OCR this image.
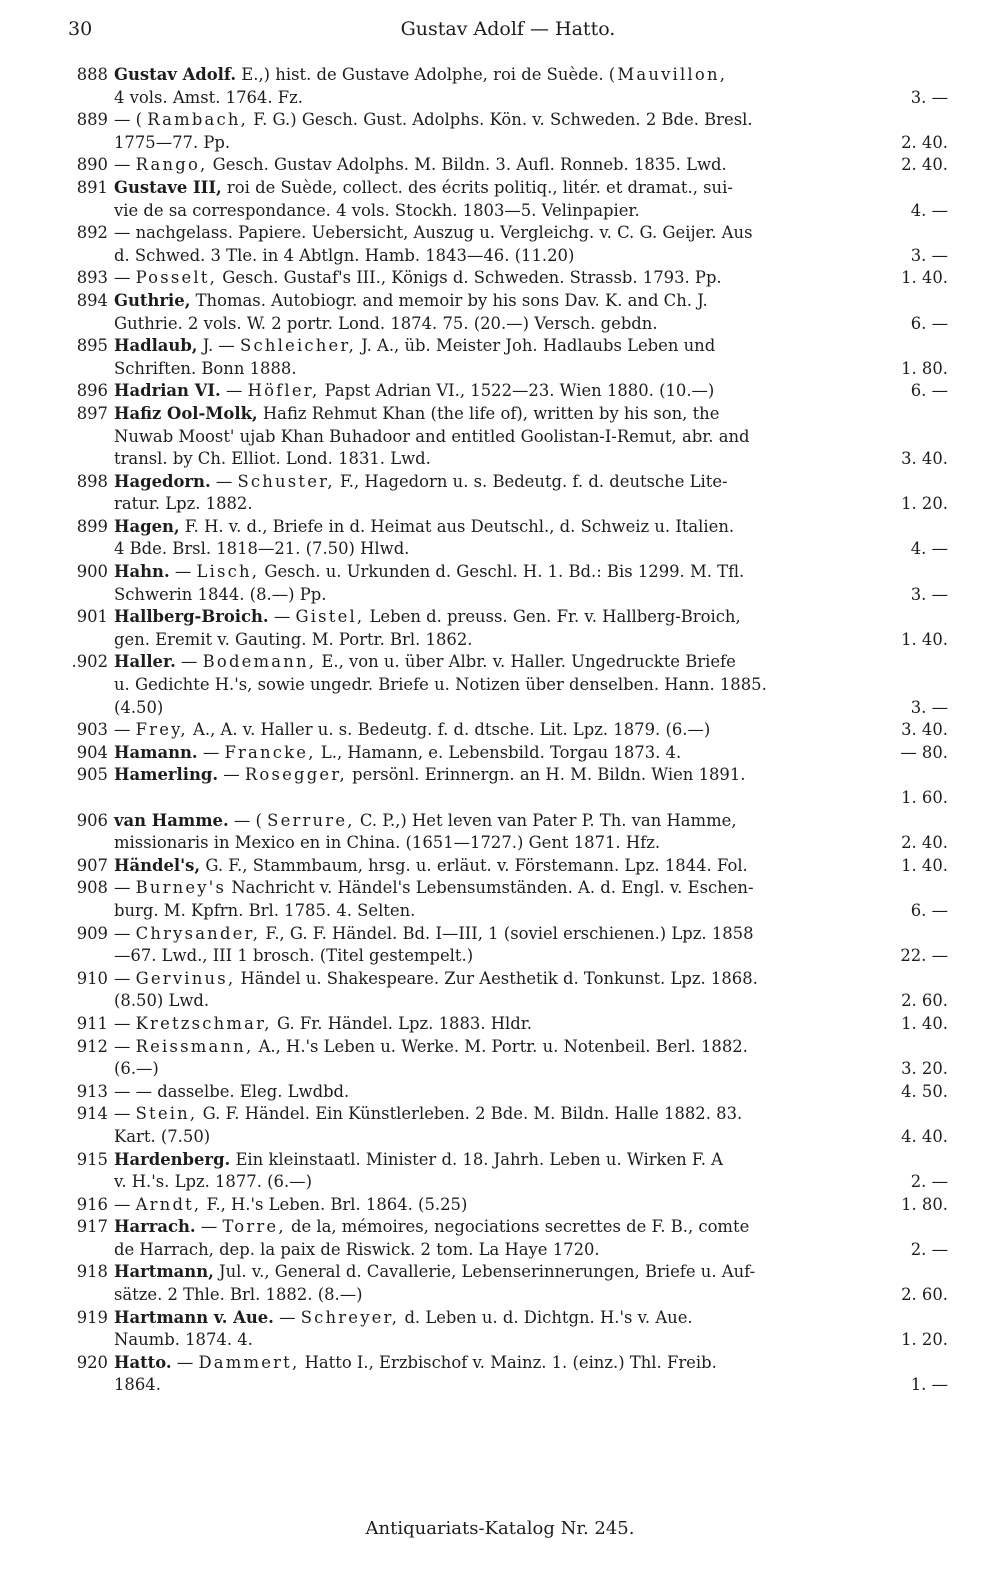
30	Gustav Adolf — Hatto.
888 Gustav Adolf. E.,) hist. de Gustave Adolphe, roi de Suède. (Mauvillon,
4 vols. Amst. 1764. Fz.	3. —
889 — ( Rambach, F. G.) Gesch. Gust. Adolphs. Kön. v. Schweden. 2 Bde. Bresl.
1775—77. Pp.	2. 40.
890 — Rango, Gesch. Gustav Adolphs. M. Bildn. 3. Aufl. Ronneb. 1835. Lwd.	2. 40.
891 Gustave III, roi de Suède, collect. des écrits politiq., litér. et dramat., sui-
vie de sa correspondance. 4 vols. Stockh. 1803—5. Velinpapier.	4. —
892 — nachgelass. Papiere. Uebersicht, Auszug u. Vergleichg. v. C. G. Geijer. Aus
d. Schwed. 3 Tle. in 4 Abtlgn. Hamb. 1843—46. (11.20)	3. —
893 — Posselt, Gesch. Gustaf's III., Königs d. Schweden. Strassb. 1793. Pp.	1. 40.
894 Guthrie, Thomas. Autobiogr. and memoir by his sons Dav. K. and Ch. J.
Guthrie. 2 vols. W. 2 portr. Lond. 1874. 75. (20.—) Versch. gebdn.	6. —
895 Hadlaub, J. — Schleicher, J. A., üb. Meister Joh. Hadlaubs Leben und
Schriften. Bonn 1888.	1. 80.
896 Hadrian VI. — Höfler, Papst Adrian VI., 1522—23. Wien 1880. (10.—)	6. —
897 Hafiz Ool-Molk, Hafiz Rehmut Khan (the life of), written by his son, the
Nuwab Moost' ujab Khan Buhadoor and entitled Goolistan-I-Remut, abr. and
transl. by Ch. Elliot. Lond. 1831. Lwd.	3. 40.
898 Hagedorn. — Schuster, F., Hagedorn u. s. Bedeutg. f. d. deutsche Lite-
ratur. Lpz. 1882.	1. 20.
899 Hagen, F. H. v. d., Briefe in d. Heimat aus Deutschl., d. Schweiz u. Italien.
4 Bde. Brsl. 1818—21. (7.50) Hlwd.	4. —
900 Hahn. — Lisch, Gesch. u. Urkunden d. Geschl. H. 1. Bd.: Bis 1299. M. Tfl.
Schwerin 1844. (8.—) Pp.	3. —
901 Hallberg-Broich. — Gistel, Leben d. preuss. Gen. Fr. v. Hallberg-Broich,
gen. Eremit v. Gauting. M. Portr. Brl. 1862.	1. 40.
.902 Haller. — Bodemann, E., von u. über Albr. v. Haller. Ungedruckte Briefe
u. Gedichte H.'s, sowie ungedr. Briefe u. Notizen über denselben. Hann. 1885.
(4.50)	3. —
903 — Frey, A., A. v. Haller u. s. Bedeutg. f. d. dtsche. Lit. Lpz. 1879. (6.—)	3. 40.
904 Hamann. — Francke, L., Hamann, e. Lebensbild. Torgau 1873. 4.	— 80.
905 Hamerling. — Rosegger, persönl. Erinnergn. an H. M. Bildn. Wien 1891.
1. 60.
906 van Hamme. — ( Serrure, C. P.,) Het leven van Pater P. Th. van Hamme,
missionaris in Mexico en in China. (1651—1727.) Gent 1871. Hfz.	2. 40.
907 Händel's, G. F., Stammbaum, hrsg. u. erläut. v. Förstemann. Lpz. 1844. Fol.	1. 40.
908 — Burney's Nachricht v. Händel's Lebensumständen. A. d. Engl. v. Eschen-
burg. M. Kpfrn. Brl. 1785. 4. Selten.	6. —
909 — Chrysander, F., G. F. Händel. Bd. I—III, 1 (soviel erschienen.) Lpz. 1858
—67. Lwd., III 1 brosch. (Titel gestempelt.)	22. —
910 — Gervinus, Händel u. Shakespeare. Zur Aesthetik d. Tonkunst. Lpz. 1868.
(8.50) Lwd.	2. 60.
911 — Kretzschmar, G. Fr. Händel. Lpz. 1883. Hldr.	1. 40.
912 — Reissmann, A., H.'s Leben u. Werke. M. Portr. u. Notenbeil. Berl. 1882.
(6.—)	3. 20.
913 — — dasselbe. Eleg. Lwdbd.	4. 50.
914 — Stein, G. F. Händel. Ein Künstlerleben. 2 Bde. M. Bildn. Halle 1882. 83.
Kart. (7.50)	4. 40.
915 Hardenberg. Ein kleinstaatl. Minister d. 18. Jahrh. Leben u. Wirken F. A
v. H.'s. Lpz. 1877. (6.—)	2. —
916 — Arndt, F., H.'s Leben. Brl. 1864. (5.25)	1. 80.
917 Harrach. — Torre, de la, mémoires, negociations secrettes de F. B., comte
de Harrach, dep. la paix de Riswick. 2 tom. La Haye 1720.	2. —
918 Hartmann, Jul. v., General d. Cavallerie, Lebenserinnerungen, Briefe u. Auf-
sätze. 2 Thle. Brl. 1882. (8.—)	2. 60.
919 Hartmann v. Aue. — Schreyer, d. Leben u. d. Dichtgn. H.'s v. Aue.
Naumb. 1874. 4.	1. 20.
920 Hatto. — Dammert, Hatto I., Erzbischof v. Mainz. 1. (einz.) Thl. Freib.
1864.	1. —
Antiquariats-Katalog Nr. 245.
